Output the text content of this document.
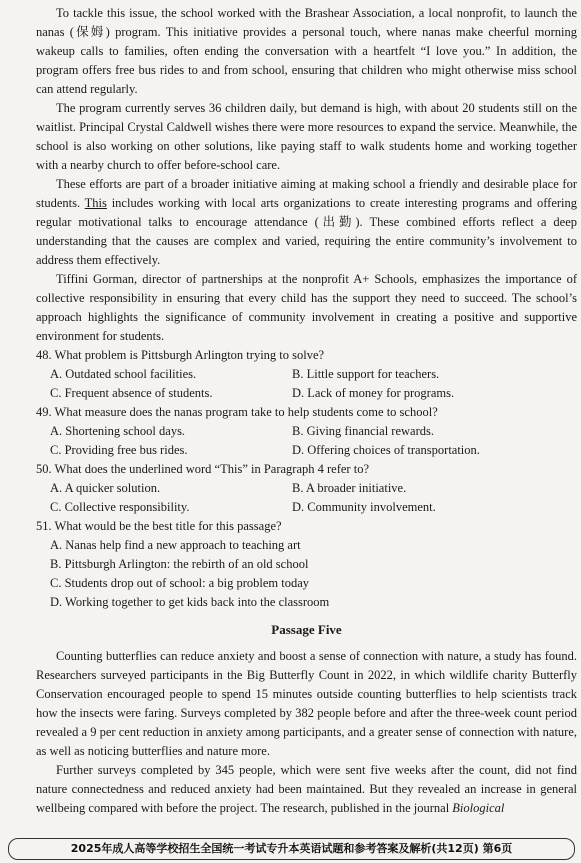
To tackle this issue, the school worked with the Brashear Association, a local nonprofit, to launch the nanas (保姆) program. This initiative provides a personal touch, where nanas make cheerful morning wakeup calls to families, often ending the conversation with a heartfelt “I love you.” In addition, the program offers free bus rides to and from school, ensuring that children who might otherwise miss school can attend regularly.

The program currently serves 36 children daily, but demand is high, with about 20 students still on the waitlist. Principal Crystal Caldwell wishes there were more resources to expand the service. Meanwhile, the school is also working on other solutions, like paying staff to walk students home and working together with a nearby church to offer before-school care.

These efforts are part of a broader initiative aiming at making school a friendly and desirable place for students. This includes working with local arts organizations to create interesting programs and offering regular motivational talks to encourage attendance (出勤). These combined efforts reflect a deep understanding that the causes are complex and varied, requiring the entire community’s involvement to address them effectively.

Tiffini Gorman, director of partnerships at the nonprofit A+ Schools, emphasizes the importance of collective responsibility in ensuring that every child has the support they need to succeed. The school’s approach highlights the significance of community involvement in creating a positive and supportive environment for students.

48. What problem is Pittsburgh Arlington trying to solve?
A. Outdated school facilities.	B. Little support for teachers.
C. Frequent absence of students.	D. Lack of money for programs.
49. What measure does the nanas program take to help students come to school?
A. Shortening school days.	B. Giving financial rewards.
C. Providing free bus rides.	D. Offering choices of transportation.
50. What does the underlined word “This” in Paragraph 4 refer to?
A. A quicker solution.	B. A broader initiative.
C. Collective responsibility.	D. Community involvement.
51. What would be the best title for this passage?
A. Nanas help find a new approach to teaching art
B. Pittsburgh Arlington: the rebirth of an old school
C. Students drop out of school: a big problem today
D. Working together to get kids back into the classroom
Passage Five

Counting butterflies can reduce anxiety and boost a sense of connection with nature, a study has found. Researchers surveyed participants in the Big Butterfly Count in 2022, in which wildlife charity Butterfly Conservation encouraged people to spend 15 minutes outside counting butterflies to help scientists track how the insects were faring. Surveys completed by 382 people before and after the three-week count period revealed a 9 per cent reduction in anxiety among participants, and a greater sense of connection with nature, as well as noticing butterflies and nature more.

Further surveys completed by 345 people, which were sent five weeks after the count, did not find nature connectedness and reduced anxiety had been maintained. But they revealed an increase in general wellbeing compared with before the project. The research, published in the journal Biological

2025年成人高等学校招生全国统一考试专升本英语试题和参考答案及解析(共12页) 第6页
